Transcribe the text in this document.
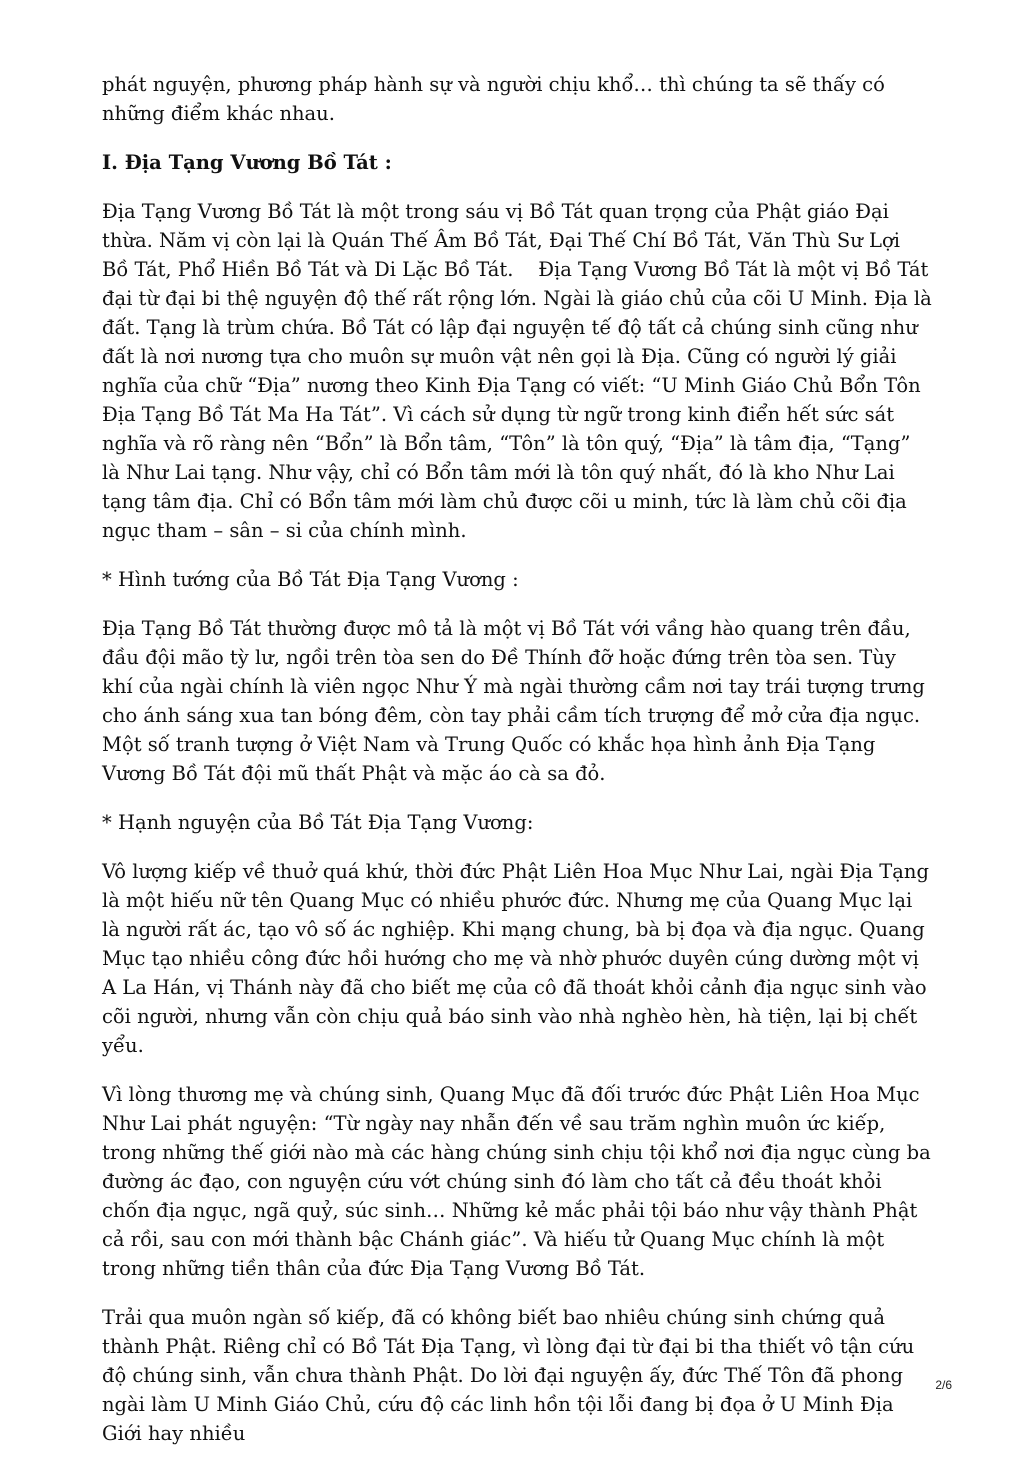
phát nguyện, phương pháp hành sự và người chịu khổ… thì chúng ta sẽ thấy có những điểm khác nhau.

I. Địa Tạng Vương Bồ Tát :

Địa Tạng Vương Bồ Tát là một trong sáu vị Bồ Tát quan trọng của Phật giáo Đại thừa. Năm vị còn lại là Quán Thế Âm Bồ Tát, Đại Thế Chí Bồ Tát, Văn Thù Sư Lợi Bồ Tát, Phổ Hiền Bồ Tát và Di Lặc Bồ Tát.    Địa Tạng Vương Bồ Tát là một vị Bồ Tát đại từ đại bi thệ nguyện độ thế rất rộng lớn. Ngài là giáo chủ của cõi U Minh. Địa là đất. Tạng là trùm chứa. Bồ Tát có lập đại nguyện tế độ tất cả chúng sinh cũng như đất là nơi nương tựa cho muôn sự muôn vật nên gọi là Địa. Cũng có người lý giải nghĩa của chữ “Địa” nương theo Kinh Địa Tạng có viết: “U Minh Giáo Chủ Bổn Tôn Địa Tạng Bồ Tát Ma Ha Tát”. Vì cách sử dụng từ ngữ trong kinh điển hết sức sát nghĩa và rõ ràng nên “Bổn” là Bổn tâm, “Tôn” là tôn quý, “Địa” là tâm địa, “Tạng” là Như Lai tạng. Như vậy, chỉ có Bổn tâm mới là tôn quý nhất, đó là kho Như Lai tạng tâm địa. Chỉ có Bổn tâm mới làm chủ được cõi u minh, tức là làm chủ cõi địa ngục tham – sân – si của chính mình.

* Hình tướng của Bồ Tát Địa Tạng Vương :

Địa Tạng Bồ Tát thường được mô tả là một vị Bồ Tát với vầng hào quang trên đầu, đầu đội mão tỳ lư, ngồi trên tòa sen do Đề Thính đỡ hoặc đứng trên tòa sen. Tùy khí của ngài chính là viên ngọc Như Ý mà ngài thường cầm nơi tay trái tượng trưng cho ánh sáng xua tan bóng đêm, còn tay phải cầm tích trượng để mở cửa địa ngục. Một số tranh tượng ở Việt Nam và Trung Quốc có khắc họa hình ảnh Địa Tạng Vương Bồ Tát đội mũ thất Phật và mặc áo cà sa đỏ.

* Hạnh nguyện của Bồ Tát Địa Tạng Vương:

Vô lượng kiếp về thuở quá khứ, thời đức Phật Liên Hoa Mục Như Lai, ngài Địa Tạng là một hiếu nữ tên Quang Mục có nhiều phước đức. Nhưng mẹ của Quang Mục lại là người rất ác, tạo vô số ác nghiệp. Khi mạng chung, bà bị đọa và địa ngục. Quang Mục tạo nhiều công đức hồi hướng cho mẹ và nhờ phước duyên cúng dường một vị A La Hán, vị Thánh này đã cho biết mẹ của cô đã thoát khỏi cảnh địa ngục sinh vào cõi người, nhưng vẫn còn chịu quả báo sinh vào nhà nghèo hèn, hà tiện, lại bị chết yểu.

Vì lòng thương mẹ và chúng sinh, Quang Mục đã đối trước đức Phật Liên Hoa Mục Như Lai phát nguyện: “Từ ngày nay nhẫn đến về sau trăm nghìn muôn ức kiếp, trong những thế giới nào mà các hàng chúng sinh chịu tội khổ nơi địa ngục cùng ba đường ác đạo, con nguyện cứu vớt chúng sinh đó làm cho tất cả đều thoát khỏi chốn địa ngục, ngã quỷ, súc sinh… Những kẻ mắc phải tội báo như vậy thành Phật cả rồi, sau con mới thành bậc Chánh giác”. Và hiếu tử Quang Mục chính là một trong những tiền thân của đức Địa Tạng Vương Bồ Tát.

Trải qua muôn ngàn số kiếp, đã có không biết bao nhiêu chúng sinh chứng quả thành Phật. Riêng chỉ có Bồ Tát Địa Tạng, vì lòng đại từ đại bi tha thiết vô tận cứu độ chúng sinh, vẫn chưa thành Phật. Do lời đại nguyện ấy, đức Thế Tôn đã phong ngài làm U Minh Giáo Chủ, cứu độ các linh hồn tội lỗi đang bị đọa ở U Minh Địa Giới hay nhiều

2/6
